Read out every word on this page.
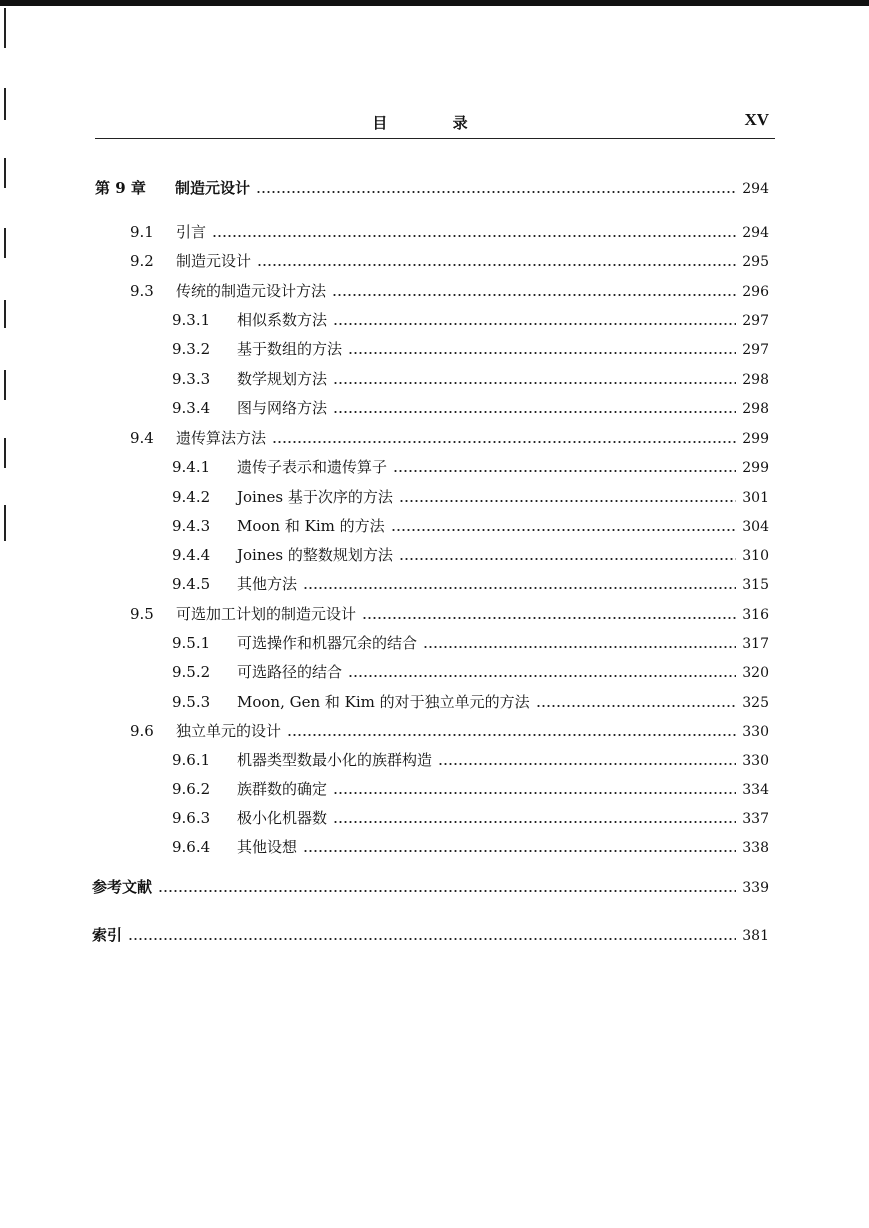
目 录	XV
第 9 章	制造元设计	294
9.1	引言	294
9.2	制造元设计	295
9.3	传统的制造元设计方法	296
9.3.1	相似系数方法	297
9.3.2	基于数组的方法	297
9.3.3	数学规划方法	298
9.3.4	图与网络方法	298
9.4	遗传算法方法	299
9.4.1	遗传子表示和遗传算子	299
9.4.2	Joines 基于次序的方法	301
9.4.3	Moon 和 Kim 的方法	304
9.4.4	Joines 的整数规划方法	310
9.4.5	其他方法	315
9.5	可选加工计划的制造元设计	316
9.5.1	可选操作和机器冗余的结合	317
9.5.2	可选路径的结合	320
9.5.3	Moon, Gen 和 Kim 的对于独立单元的方法	325
9.6	独立单元的设计	330
9.6.1	机器类型数最小化的族群构造	330
9.6.2	族群数的确定	334
9.6.3	极小化机器数	337
9.6.4	其他设想	338
参考文献	339
索引	381
